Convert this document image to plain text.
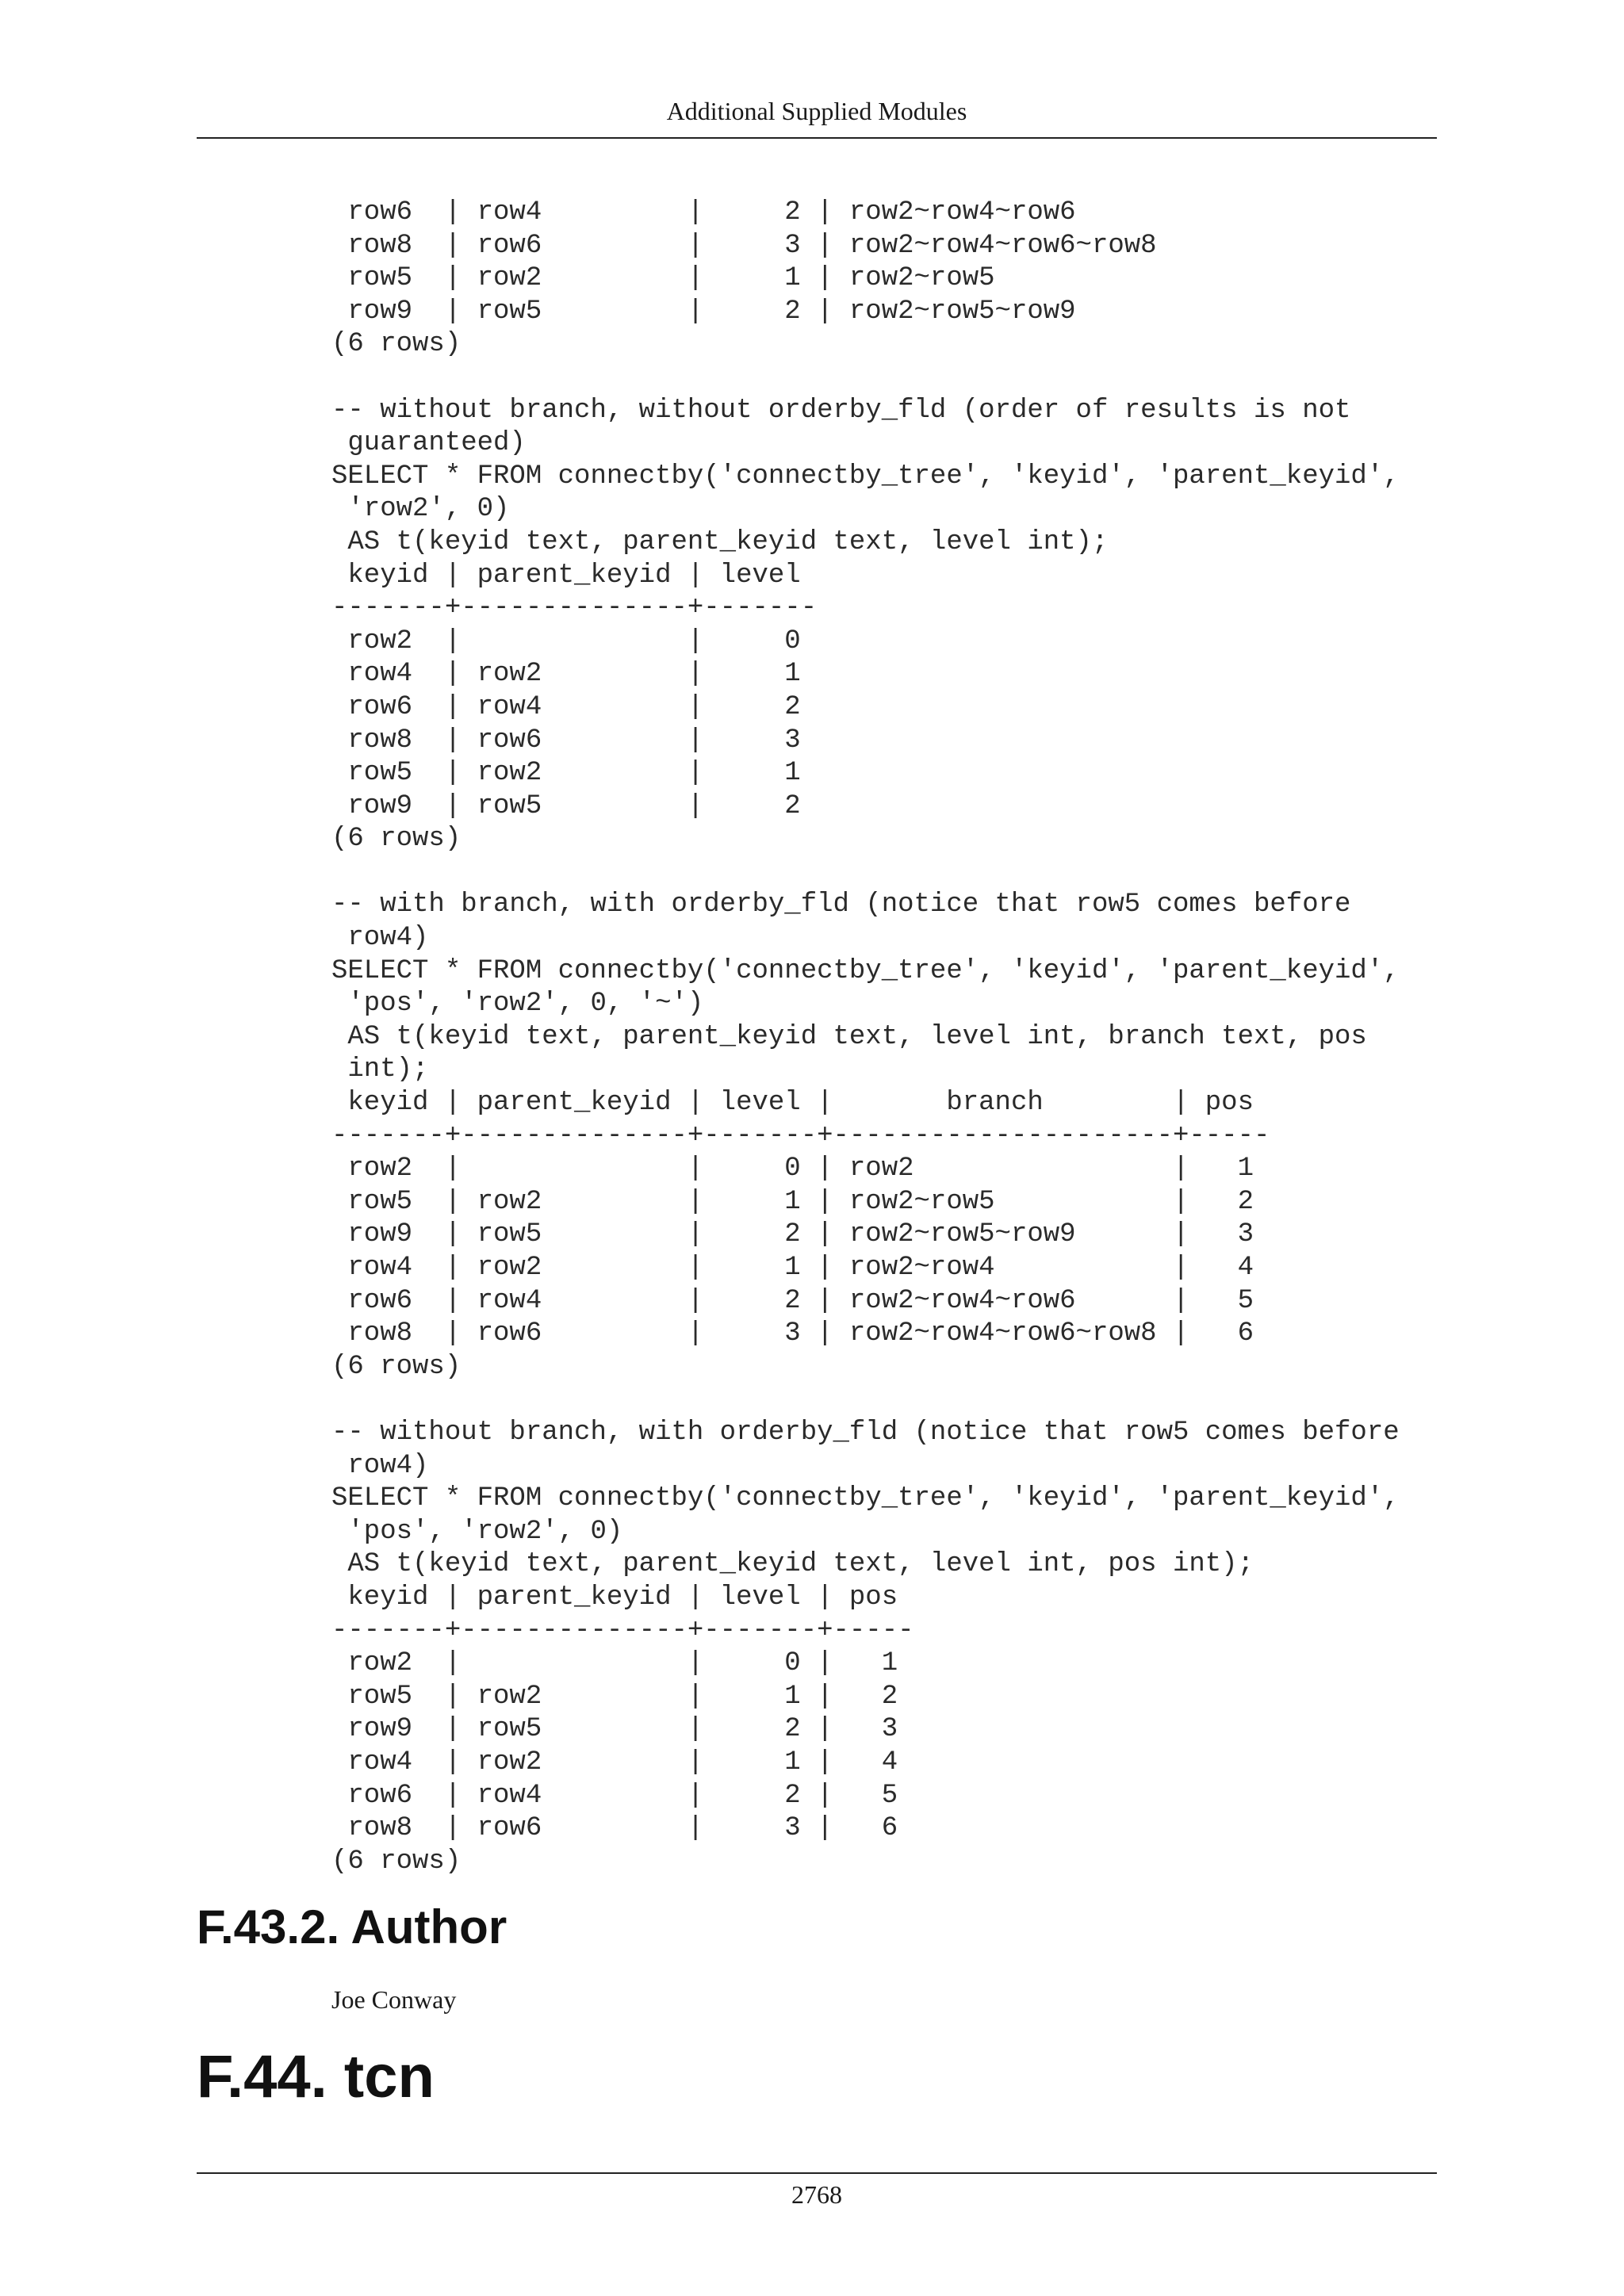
Additional Supplied Modules
row6  | row4         |     2 | row2~row4~row6
row8  | row6         |     3 | row2~row4~row6~row8
row5  | row2         |     1 | row2~row5
row9  | row5         |     2 | row2~row5~row9
(6 rows)
-- without branch, without orderby_fld (order of results is not
guaranteed)
SELECT * FROM connectby('connectby_tree', 'keyid', 'parent_keyid',
'row2', 0)
AS t(keyid text, parent_keyid text, level int);
keyid | parent_keyid | level
-------+--------------+-------
row2  |              |     0
row4  | row2         |     1
row6  | row4         |     2
row8  | row6         |     3
row5  | row2         |     1
row9  | row5         |     2
(6 rows)
-- with branch, with orderby_fld (notice that row5 comes before
row4)
SELECT * FROM connectby('connectby_tree', 'keyid', 'parent_keyid',
'pos', 'row2', 0, '~')
AS t(keyid text, parent_keyid text, level int, branch text, pos
int);
keyid | parent_keyid | level |       branch        | pos
-------+--------------+-------+---------------------+-----
row2  |              |     0 | row2                |   1
row5  | row2         |     1 | row2~row5           |   2
row9  | row5         |     2 | row2~row5~row9      |   3
row4  | row2         |     1 | row2~row4           |   4
row6  | row4         |     2 | row2~row4~row6      |   5
row8  | row6         |     3 | row2~row4~row6~row8 |   6
(6 rows)
-- without branch, with orderby_fld (notice that row5 comes before
row4)
SELECT * FROM connectby('connectby_tree', 'keyid', 'parent_keyid',
'pos', 'row2', 0)
AS t(keyid text, parent_keyid text, level int, pos int);
keyid | parent_keyid | level | pos
-------+--------------+-------+-----
row2  |              |     0 |   1
row5  | row2         |     1 |   2
row9  | row5         |     2 |   3
row4  | row2         |     1 |   4
row6  | row4         |     2 |   5
row8  | row6         |     3 |   6
(6 rows)
F.43.2. Author

Joe Conway

F.44. tcn
2768
